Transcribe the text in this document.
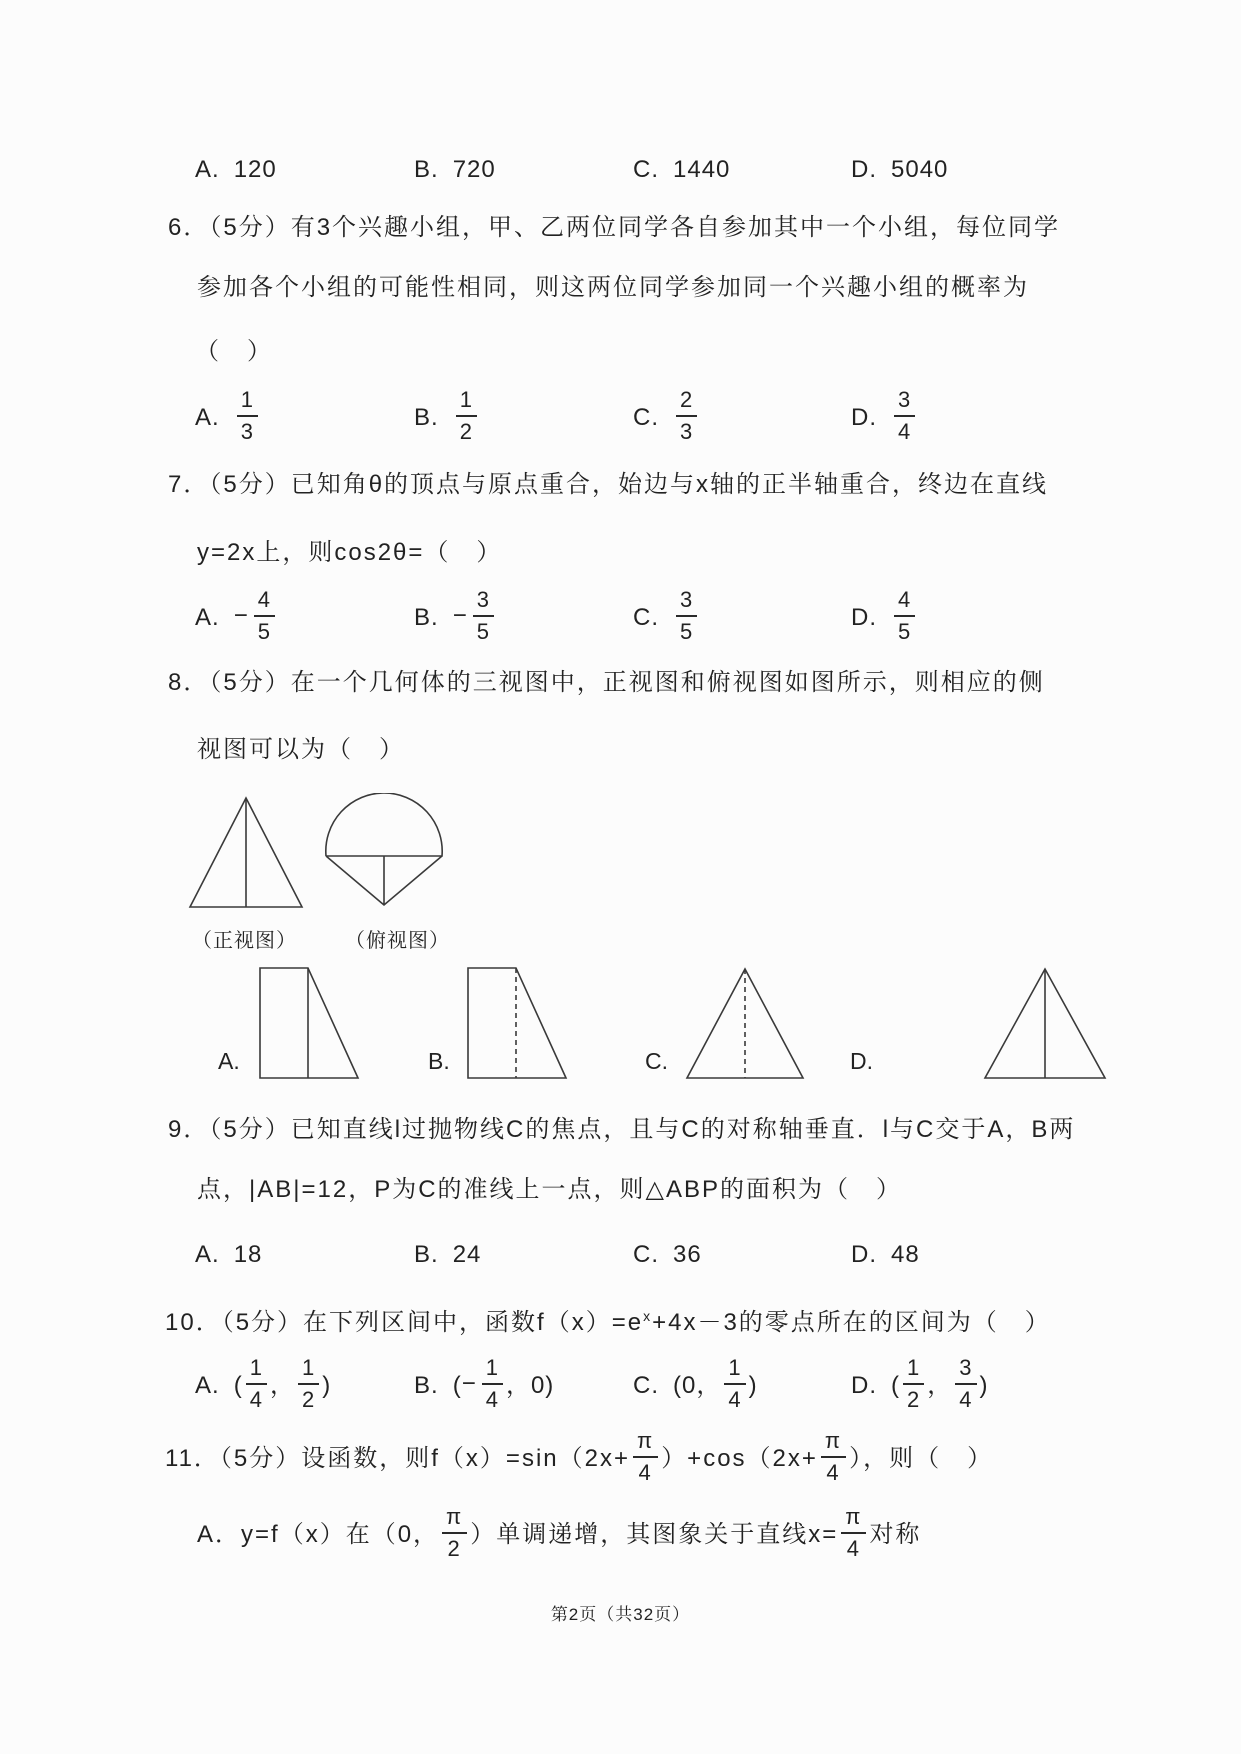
A. 120	B. 720	C. 1440	D. 5040
6．（5分）有3个兴趣小组，甲、乙两位同学各自参加其中一个小组，每位同学
参加各个小组的可能性相同，则这两位同学参加同一个兴趣小组的概率为
（　）
A. $\frac{1}{3}$	B. $\frac{1}{2}$	C. $\frac{2}{3}$	D. $\frac{3}{4}$
7．（5分）已知角θ的顶点与原点重合，始边与x轴的正半轴重合，终边在直线
y=2x上，则cos2θ=（　）
A. − $\frac{4}{5}$	B. − $\frac{3}{5}$	C. $\frac{3}{5}$	D. $\frac{4}{5}$
8．（5分）在一个几何体的三视图中，正视图和俯视图如图所示，则相应的侧
视图可以为（　）
（正视图） （俯视图）
A.	B.	C.	D.
9．（5分）已知直线l过抛物线C的焦点，且与C的对称轴垂直．l与C交于A，B两
点，|AB|=12，P为C的准线上一点，则△ABP的面积为（　）
A. 18	B. 24	C. 36	D. 48
10．（5分）在下列区间中，函数$f(x)=e^x+4x-3$的零点所在的区间为（　）
A. ( $\frac{1}{4}$ ， $\frac{1}{2}$ )	B. (− $\frac{1}{4}$ ，0)	C. (0， $\frac{1}{4}$ )	D. ( $\frac{1}{2}$ ， $\frac{3}{4}$ )
11．（5分）设函数，则$f(x)=\sin(2x+ \frac{\pi}{4} )+\cos(2x+ \frac{\pi}{4}$ ），则（　）
A．y=f（x）在（0， $\frac{\pi}{2}$ ）单调递增，其图象关于直线$x= \frac{\pi}{4}$ 对称
第2页（共32页）
